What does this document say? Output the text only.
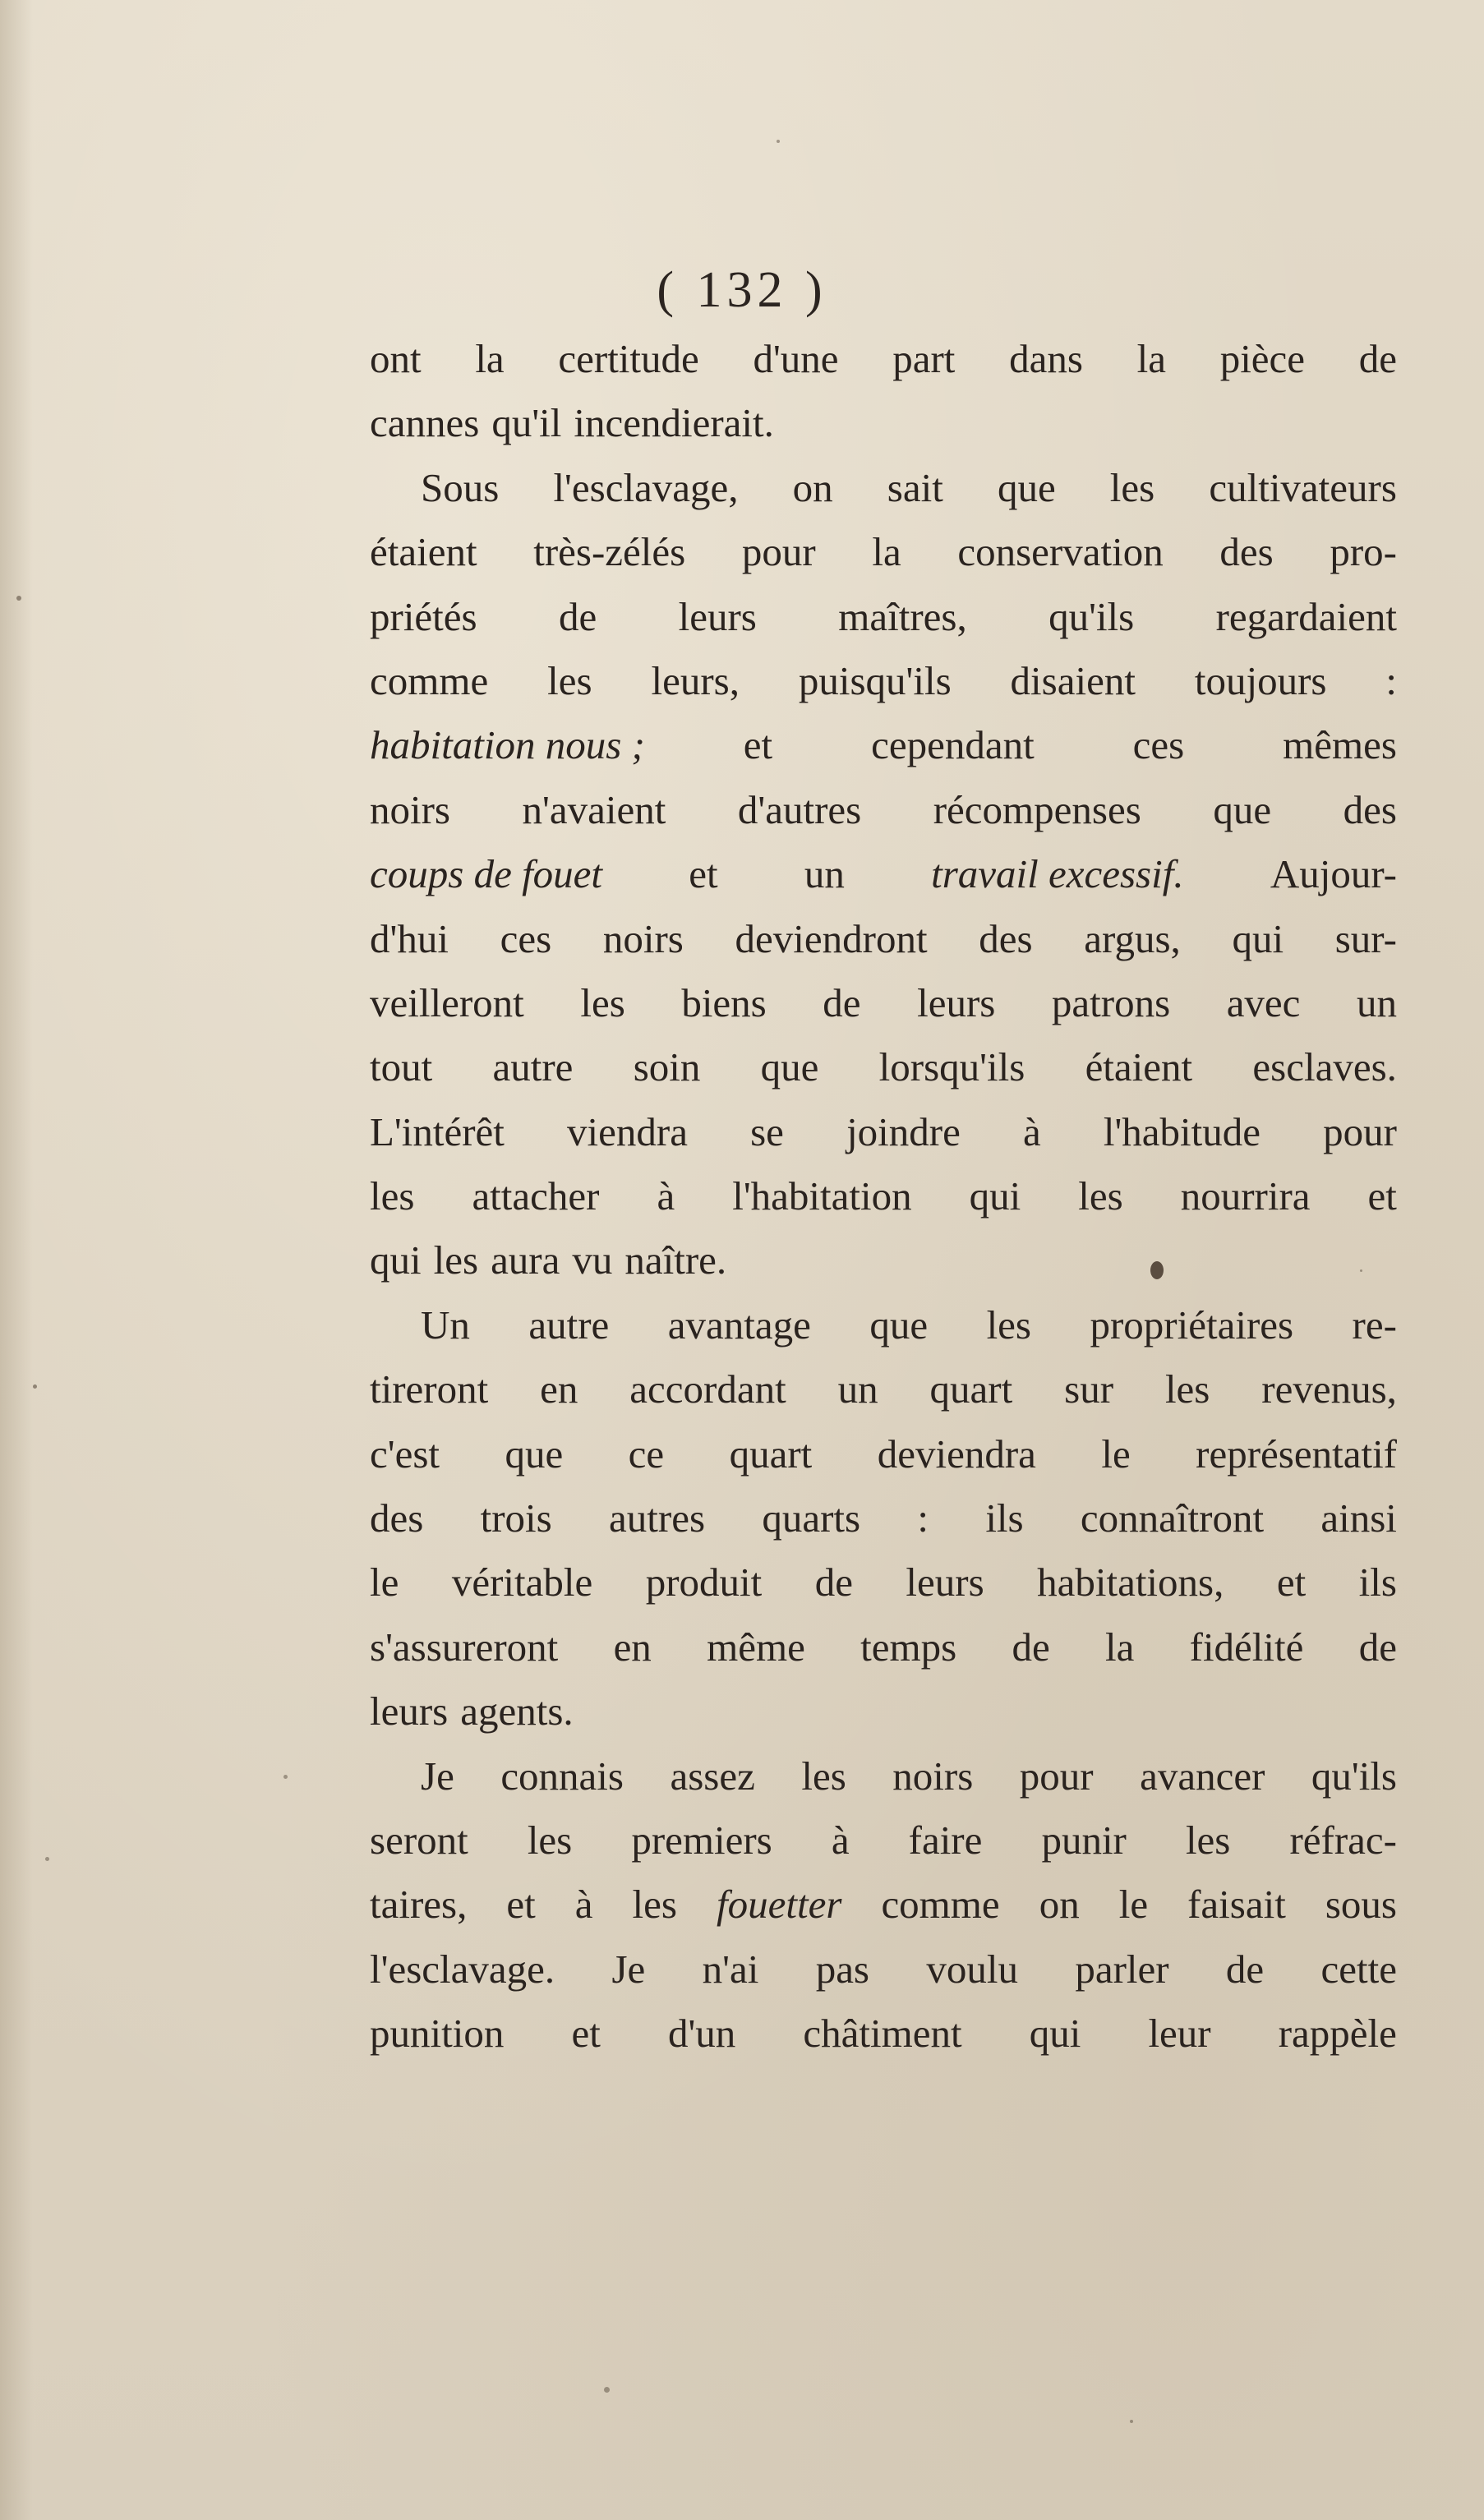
( 132 )
ont la certitude d'une part dans la pièce de
cannes qu'il incendierait.
Sous l'esclavage, on sait que les cultivateurs
étaient très-zélés pour la conservation des pro-
priétés de leurs maîtres, qu'ils regardaient
comme les leurs, puisqu'ils disaient toujours :
habitation nous ; et cependant ces mêmes
noirs n'avaient d'autres récompenses que des
coups de fouet et un travail excessif. Aujour-
d'hui ces noirs deviendront des argus, qui sur-
veilleront les biens de leurs patrons avec un
tout autre soin que lorsqu'ils étaient esclaves.
L'intérêt viendra se joindre à l'habitude pour
les attacher à l'habitation qui les nourrira et
qui les aura vu naître.
Un autre avantage que les propriétaires re-
tireront en accordant un quart sur les revenus,
c'est que ce quart deviendra le représentatif
des trois autres quarts : ils connaîtront ainsi
le véritable produit de leurs habitations, et ils
s'assureront en même temps de la fidélité de
leurs agents.
Je connais assez les noirs pour avancer qu'ils
seront les premiers à faire punir les réfrac-
taires, et à les fouetter comme on le faisait sous
l'esclavage. Je n'ai pas voulu parler de cette
punition et d'un châtiment qui leur rappèle
